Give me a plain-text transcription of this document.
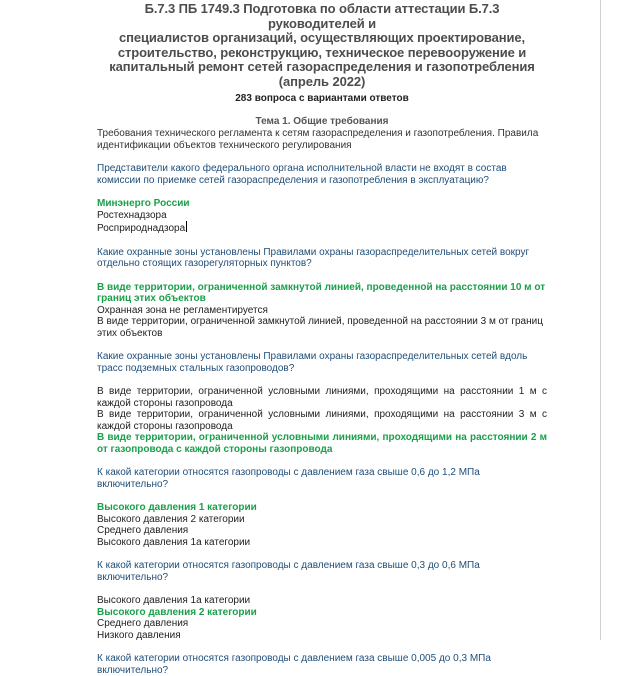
Б.7.3 ПБ 1749.3 Подготовка по области аттестации Б.7.3 руководителей и
специалистов организаций, осуществляющих проектирование,
строительство, реконструкцию, техническое перевооружение и
капитальный ремонт сетей газораспределения и газопотребления
(апрель 2022)
283 вопроса с вариантами ответов
Тема 1. Общие требования
Требования технического регламента к сетям газораспределения и газопотребления. Правила идентификации объектов технического регулирования
Представители какого федерального органа исполнительной власти не входят в состав комиссии по приемке сетей газораспределения и газопотребления в эксплуатацию?
Минэнерго России
Ростехнадзора
Росприроднадзора
Какие охранные зоны установлены Правилами охраны газораспределительных сетей вокруг отдельно стоящих газорегуляторных пунктов?
В виде территории, ограниченной замкнутой линией, проведенной на расстоянии 10 м от границ этих объектов
Охранная зона не регламентируется
В виде территории, ограниченной замкнутой линией, проведенной на расстоянии 3 м от границ этих объектов
Какие охранные зоны установлены Правилами охраны газораспределительных сетей вдоль трасс подземных стальных газопроводов?
В виде территории, ограниченной условными линиями, проходящими на расстоянии 1 м с каждой стороны газопровода
В виде территории, ограниченной условными линиями, проходящими на расстоянии 3 м с каждой стороны газопровода
В виде территории, ограниченной условными линиями, проходящими на расстоянии 2 м от газопровода с каждой стороны газопровода
К какой категории относятся газопроводы с давлением газа свыше 0,6 до 1,2 МПа включительно?
Высокого давления 1 категории
Высокого давления 2 категории
Среднего давления
Высокого давления 1а категории
К какой категории относятся газопроводы с давлением газа свыше 0,3 до 0,6 МПа включительно?
Высокого давления 1а категории
Высокого давления 2 категории
Среднего давления
Низкого давления
К какой категории относятся газопроводы с давлением газа свыше 0,005 до 0,3 МПа включительно?
